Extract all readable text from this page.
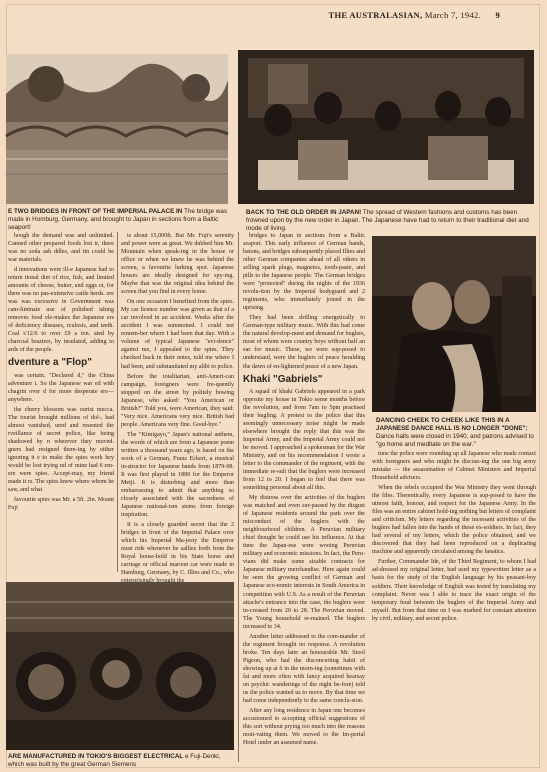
THE AUSTRALASIAN, March 7, 1942. 9
E TWO BRIDGES IN FRONT OF THE IMPERIAL PALACE IN The bridge was made in Homburg, Germany, and brought to Japan in sections from a Baltic seaport!
BACK TO THE OLD ORDER IN JAPAN! The spread of Western fashions and customs has been frowned upon by the new order in Japan. The Japanese have had to return to their traditional diet and mode of living.

hough the demand was and unlimited. Canned other prepared foods lost ir, there was no soda ash ddles, and tin could be war materials.

d innovations were ill-e Japanese had to return tional diet of rice, fish, and limited amounts of cheese, butter, and eggs ot, for there was no pas-extensive cattle herds. ere was was excessive in Government was cam-liminate use of polished ishing removes food ele-makes the Japanese ers of deficiency diseases, rculosis, and teeth. Coal i/12/6 to over £9 a ton. ated by charcoal braziers, by insulated, adding to ards of the people.

dventure a "Flop"

was certain. "Declared d," the China adventure t. So the Japanese war ed with chagrin over d for more desperate ere—anywhere.

the cherry blossom was ourist mecca. The tourist brought millions of dol-, had almost vanished, ured and resented the rveillance of secret police, like being shadowed by n wherever they moved. gners had resigned them-ing by either ignoring it e to make the spies work hey would be lost trying nd of mine had 6 em-ere were spies. Accept-may, my friend made it rs. The spies knew where whom he saw, and what

favourite spies was Mr. a 5ft. 2in. Mount Fuji

is about 15,000ft. But Mr. Fuji's serenity and power were as great. We dubbed him Mr. Mountain when speak-ing in the house or office or when we knew he was behind the screen, a favourite lurking spot. Japanese houses are ideally designed for spy-ing. Maybe that was the original idea behind the screen that you find in every home.

On one occasion I benefited from the spies. My car licence number was given as that of a car involved in an accident. Weeks after the accident I was summoned. I could not remem-ber where I had been that day. With a volume of typical Japanese "evi-dence" against me, I appealed to the spies. They checked back in their notes, told me where I had been, and substantiated my alibi to police.

Before the totalitarian, anti-Ameri-can campaign, foreigners were fre-quently stopped on the street by politely bowing Japanese, who asked: "You American or British?" Told you, were American, they said: "Very nice. Americans very nice. British bad people. Americans very fine. Good-bye."

The "Kimigayo," Japan's national anthem, the words of which are from a Japanese poem written a thousand years ago, is based on the work of a German, Franz Eckert, a musical in-structor for Japanese bands from 1879-98. It was first played in 1880 for the Emperor Meiji. It is disturbing and more than embarrassing to admit that anything so closely associated with the sacredness of Japanese national-ism stems from foreign inspiration.

It is a closely guarded secret that the 2 bridges in front of the Imperial Palace over which his Imperial Ma-jesty the Emperor must ride whenever he sallies forth from the Royal house-hold in his State horse and carriage or official maroon car were made in Hamburg, Germany, by C. Illies and Co., who

bridges to Japan in sections from a Baltic seaport. This early influence of German bands, batons, and bridges subsequently placed Illies and other German companies ahead of all others in selling spark plugs, magnetos, tooth-paste, and pills to the Japanese people. The German bridges were "protected" during the nights of the 1936 revolu-tion by the Imperial bodyguard and 2 regiments, who immediately joined in the uprising.

They had been drilling energetically to German-type military music. With this had come the natural develop-ment and demand for buglers, most of whom were country boys without half an ear for music. These, we were sup-posed to understand, were the buglers of peace heralding the dawn of en-lightened peace of a new Japan.

Khaki "Gabriels"

A squad of khaki Gabriels appeared in a park opposite my house in Tokio some months before the revolution, and from 7am to 5pm practised their bugling. A protest to the police that this seemingly unnecessary noise might be made elsewhere brought the reply that this was the Imperial Army, and the Imperial Army could not be moved. I approached a spokesman for the War Ministry, and on his recommendation I wrote a letter to the commander of the regiment, with the immediate re-sult that the buglers were increased from 12 to 20. I began to feel that there was something personal about all this.

My distress over the activities of the buglers was matched and even sur-passed by the disgust of Japanese residents around the park over the misconduct of the buglers with the neighbourhood children. A Peruvian military chief thought he could use his influence. At that time the Japan-ese were wooing Peruvian military and economic missions. In fact, the Peru-vians did make some sizable contracts for Japanese military merchandise. Here again could be seen the growing conflict of German and Japanese eco-nomic interests in South America in competition with U.S. As a result of the Peruvian attache's entrance into the case, the buglers were in-creased from 20 to 28. The Peruvian moved. The Young household re-mained. The buglers increased to 34.

Another letter addressed to the com-mander of the regiment brought no response. A revolution broke. Ten days later an honourable Mr. Stool Pigeon, who had the disconcerting habit of showing up at 6 in the morn-ing (sometimes with fat and more often with fancy acquired hearsay on psychic wanderings of the night be-fore) told us the police wanted us to move. By that time we had come independently to the same conclu-sion.

After any long residence in Japan one becomes accustomed to accepting official suggestions of this sort without prying too much into the reasons moti-vating them. We moved to the Im-perial Hotel under an assumed name.

DANCING CHEEK TO CHEEK LIKE THIS IN A JAPANESE DANCE HALL IS NO LONGER "DONE": Dance halls were closed in 1940, and patrons advised to "go home and meditate on the war."

time the police were rounding up all Japanese who made contact with foreigners and who might be discuss-ing the one big army mistake — the assassination of Cabinet Ministers and Imperial Household advisers.

When the rebels occupied the War Ministry they went through the files. Theoretically, every Japanese is sup-posed to have the utmost faith, honour, and respect for the Japanese Army. In the files was an entire cabinet hold-ing nothing but letters of complaint and criticism. My letters regarding the incessant activities of the buglers had fallen into the hands of these ex-soldiers. In fact, they had several of my letters, which the police obtained, and we discovered that they had been reproduced on a duplicating machine and apparently circulated among the fanatics.

Further, Commander Ide, of the Third Regiment, to whom I had ad-dressed my original letter, had used my typewritten letter as a basis for the study of the English language by his peasant-boy soldiers. Their knowledge of English was tested by translating my complaint. Never was I able to trace the exact origin of the temporary feud between the buglers of the Imperial Army and myself. But from that time on I was marked for constant attention by civil, military, and secret police.

ARE MANUFACTURED IN TOKIO'S BIGGEST ELECTRICAL e Fuji-Denki, which was built by the great German Siemens
